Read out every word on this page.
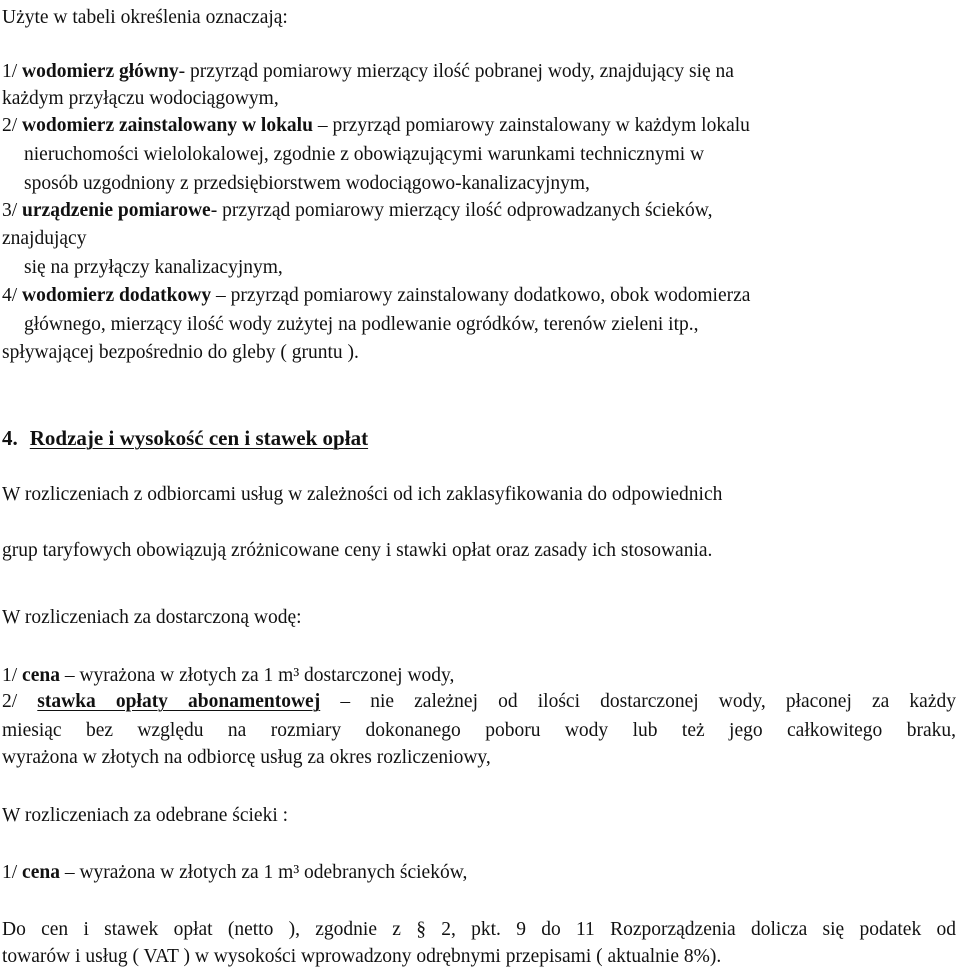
Użyte w tabeli określenia oznaczają:
1/ wodomierz główny- przyrząd pomiarowy mierzący ilość pobranej wody, znajdujący się na
każdym przyłączu wodociągowym,
2/ wodomierz zainstalowany w lokalu – przyrząd pomiarowy zainstalowany w każdym lokalu
nieruchomości wielolokalowej, zgodnie z obowiązującymi warunkami technicznymi w
sposób uzgodniony z przedsiębiorstwem wodociągowo-kanalizacyjnym,
3/ urządzenie pomiarowe- przyrząd pomiarowy mierzący ilość odprowadzanych ścieków,
znajdujący
się na przyłączy kanalizacyjnym,
4/ wodomierz dodatkowy – przyrząd pomiarowy zainstalowany dodatkowo, obok wodomierza
głównego, mierzący ilość wody zużytej na podlewanie ogródków, terenów zieleni itp.,
spływającej bezpośrednio do gleby ( gruntu ).
4. Rodzaje i wysokość cen i stawek opłat
W rozliczeniach z odbiorcami usług w zależności od ich zaklasyfikowania do odpowiednich
grup taryfowych obowiązują zróżnicowane ceny i stawki opłat oraz zasady ich stosowania.
W rozliczeniach za dostarczoną wodę:
1/ cena – wyrażona w złotych za 1 m³ dostarczonej wody,
2/ stawka opłaty abonamentowej – nie zależnej od ilości dostarczonej wody, płaconej za każdy
miesiąc bez względu na rozmiary dokonanego poboru wody lub też jego całkowitego braku,
wyrażona w złotych na odbiorcę usług za okres rozliczeniowy,
W rozliczeniach za odebrane ścieki :
1/ cena – wyrażona w złotych za 1 m³ odebranych ścieków,
Do cen i stawek opłat (netto ), zgodnie z § 2, pkt. 9 do 11 Rozporządzenia dolicza się podatek od
towarów i usług ( VAT ) w wysokości wprowadzony odrębnymi przepisami ( aktualnie 8%).
